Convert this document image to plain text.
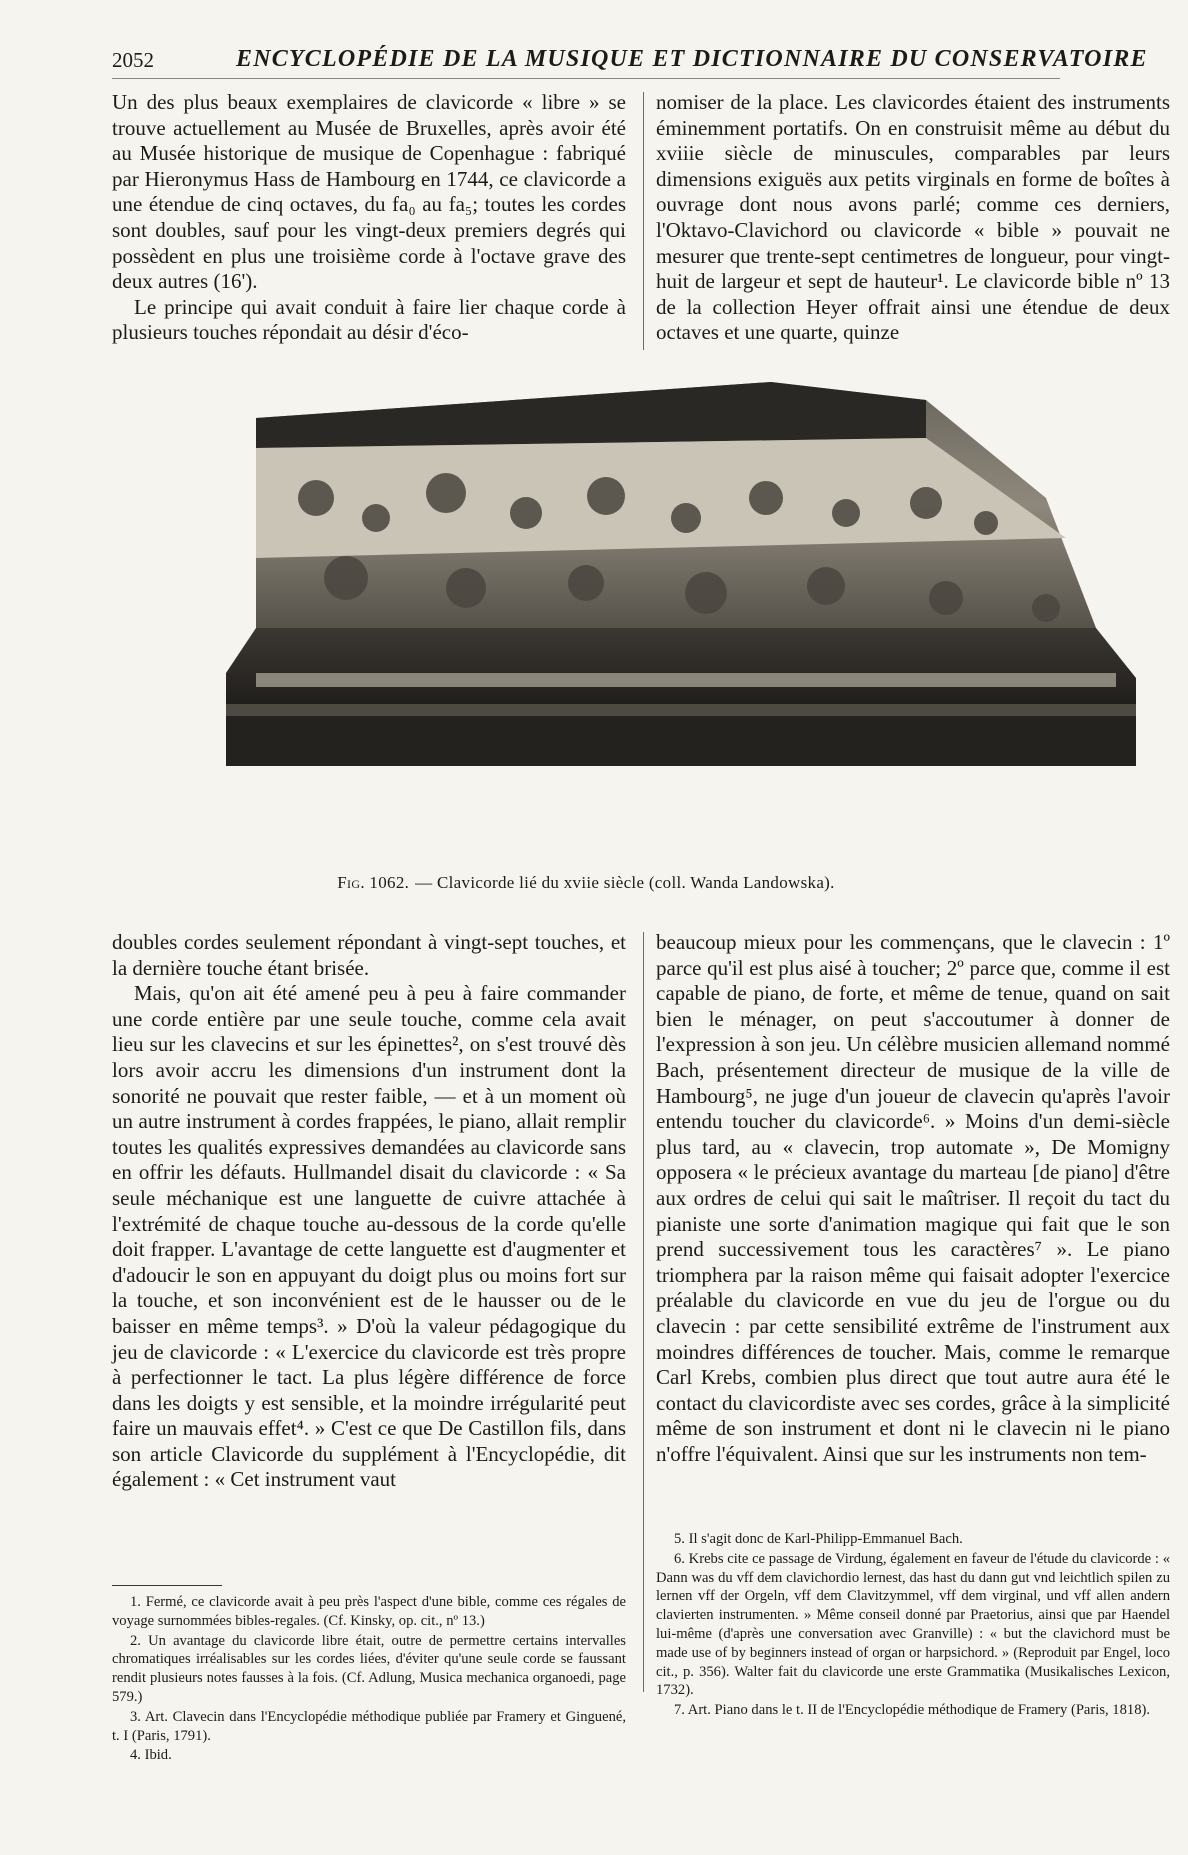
2052	ENCYCLOPÉDIE DE LA MUSIQUE ET DICTIONNAIRE DU CONSERVATOIRE

Un des plus beaux exemplaires de clavicorde « libre » se trouve actuellement au Musée de Bruxelles, après avoir été au Musée historique de musique de Copenhague : fabriqué par Hieronymus Hass de Hambourg en 1744, ce clavicorde a une étendue de cinq octaves, du fa₀ au fa₅; toutes les cordes sont doubles, sauf pour les vingt-deux premiers degrés qui possèdent en plus une troisième corde à l'octave grave des deux autres (16').

Le principe qui avait conduit à faire lier chaque corde à plusieurs touches répondait au désir d'éco-

nomiser de la place. Les clavicordes étaient des instruments éminemment portatifs. On en construisit même au début du xviiie siècle de minuscules, comparables par leurs dimensions exiguës aux petits virginals en forme de boîtes à ouvrage dont nous avons parlé; comme ces derniers, l'Oktavo-Clavichord ou clavicorde « bible » pouvait ne mesurer que trente-sept centimetres de longueur, pour vingt-huit de largeur et sept de hauteur¹. Le clavicorde bible nº 13 de la collection Heyer offrait ainsi une étendue de deux octaves et une quarte, quinze

Fig. 1062. — Clavicorde lié du xviie siècle (coll. Wanda Landowska).

doubles cordes seulement répondant à vingt-sept touches, et la dernière touche étant brisée.

Mais, qu'on ait été amené peu à peu à faire commander une corde entière par une seule touche, comme cela avait lieu sur les clavecins et sur les épinettes², on s'est trouvé dès lors avoir accru les dimensions d'un instrument dont la sonorité ne pouvait que rester faible, — et à un moment où un autre instrument à cordes frappées, le piano, allait remplir toutes les qualités expressives demandées au clavicorde sans en offrir les défauts. Hullmandel disait du clavicorde : « Sa seule méchanique est une languette de cuivre attachée à l'extrémité de chaque touche au-dessous de la corde qu'elle doit frapper. L'avantage de cette languette est d'augmenter et d'adoucir le son en appuyant du doigt plus ou moins fort sur la touche, et son inconvénient est de le hausser ou de le baisser en même temps³. » D'où la valeur pédagogique du jeu de clavicorde : « L'exercice du clavicorde est très propre à perfectionner le tact. La plus légère différence de force dans les doigts y est sensible, et la moindre irrégularité peut faire un mauvais effet⁴. » C'est ce que De Castillon fils, dans son article Clavicorde du supplément à l'Encyclopédie, dit également : « Cet instrument vaut

beaucoup mieux pour les commençans, que le clavecin : 1º parce qu'il est plus aisé à toucher; 2º parce que, comme il est capable de piano, de forte, et même de tenue, quand on sait bien le ménager, on peut s'accoutumer à donner de l'expression à son jeu. Un célèbre musicien allemand nommé Bach, présentement directeur de musique de la ville de Hambourg⁵, ne juge d'un joueur de clavecin qu'après l'avoir entendu toucher du clavicorde⁶. » Moins d'un demi-siècle plus tard, au « clavecin, trop automate », De Momigny opposera « le précieux avantage du marteau [de piano] d'être aux ordres de celui qui sait le maîtriser. Il reçoit du tact du pianiste une sorte d'animation magique qui fait que le son prend successivement tous les caractères⁷ ». Le piano triomphera par la raison même qui faisait adopter l'exercice préalable du clavicorde en vue du jeu de l'orgue ou du clavecin : par cette sensibilité extrême de l'instrument aux moindres différences de toucher. Mais, comme le remarque Carl Krebs, combien plus direct que tout autre aura été le contact du clavicordiste avec ses cordes, grâce à la simplicité même de son instrument et dont ni le clavecin ni le piano n'offre l'équivalent. Ainsi que sur les instruments non tem-

1. Fermé, ce clavicorde avait à peu près l'aspect d'une bible, comme ces régales de voyage surnommées bibles-regales. (Cf. Kinsky, op. cit., nº 13.)

2. Un avantage du clavicorde libre était, outre de permettre certains intervalles chromatiques irréalisables sur les cordes liées, d'éviter qu'une seule corde se faussant rendit plusieurs notes fausses à la fois. (Cf. Adlung, Musica mechanica organoedi, page 579.)

3. Art. Clavecin dans l'Encyclopédie méthodique publiée par Framery et Ginguené, t. I (Paris, 1791).

4. Ibid.

5. Il s'agit donc de Karl-Philipp-Emmanuel Bach.

6. Krebs cite ce passage de Virdung, également en faveur de l'étude du clavicorde : « Dann was du vff dem clavichordio lernest, das hast du dann gut vnd leichtlich spilen zu lernen vff der Orgeln, vff dem Clavitzymmel, vff dem virginal, und vff allen andern clavierten instrumenten. » Même conseil donné par Praetorius, ainsi que par Haendel lui-même (d'après une conversation avec Granville) : « but the clavichord must be made use of by beginners instead of organ or harpsichord. » (Reproduit par Engel, loco cit., p. 356). Walter fait du clavicorde une erste Grammatika (Musikalisches Lexicon, 1732).

7. Art. Piano dans le t. II de l'Encyclopédie méthodique de Framery (Paris, 1818).
